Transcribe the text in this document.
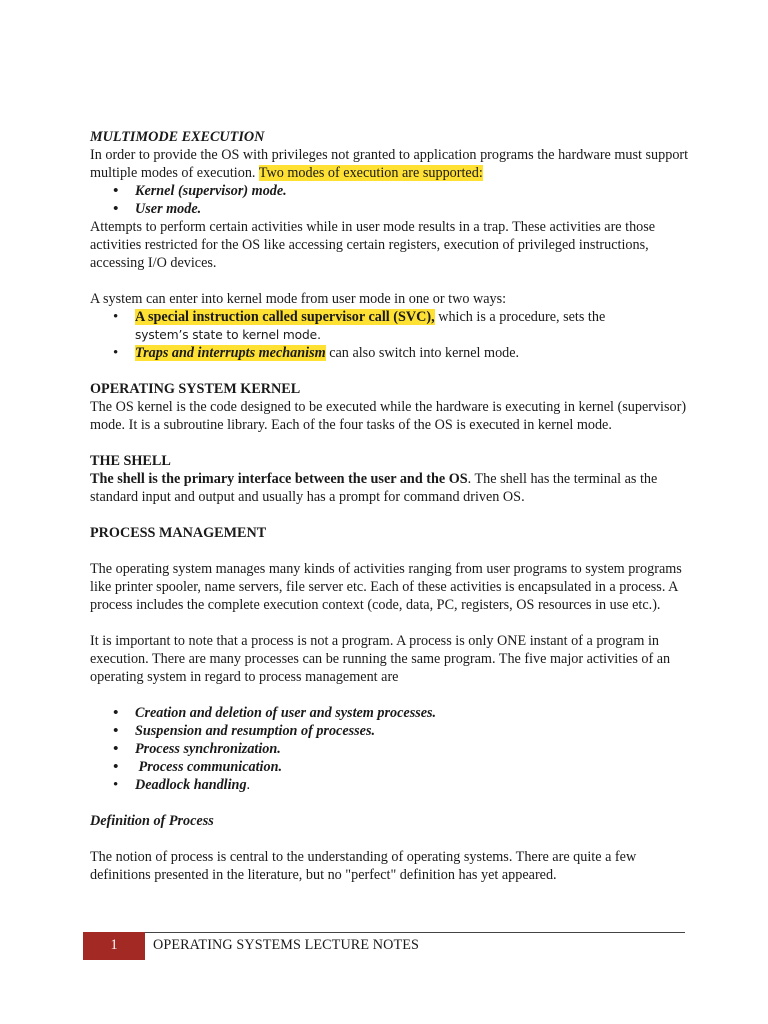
MULTIMODE EXECUTION

In order to provide the OS with privileges not granted to application programs the hardware must support multiple modes of execution. Two modes of execution are supported:

• Kernel (supervisor) mode.
• User mode.

Attempts to perform certain activities while in user mode results in a trap. These activities are those activities restricted for the OS like accessing certain registers, execution of privileged instructions, accessing I/O devices.

A system can enter into kernel mode from user mode in one or two ways:

• A special instruction called supervisor call (SVC), which is a procedure, sets the
system’s state to kernel mode.
• Traps and interrupts mechanism can also switch into kernel mode.
OPERATING SYSTEM KERNEL

The OS kernel is the code designed to be executed while the hardware is executing in kernel (supervisor) mode. It is a subroutine library. Each of the four tasks of the OS is executed in kernel mode.

THE SHELL

The shell is the primary interface between the user and the OS. The shell has the terminal as the standard input and output and usually has a prompt for command driven OS.

PROCESS MANAGEMENT

The operating system manages many kinds of activities ranging from user programs to system programs like printer spooler, name servers, file server etc. Each of these activities is encapsulated in a process. A process includes the complete execution context (code, data, PC, registers, OS resources in use etc.).

It is important to note that a process is not a program. A process is only ONE instant of a program in execution. There are many processes can be running the same program. The five major activities of an operating system in regard to process management are

• Creation and deletion of user and system processes.
• Suspension and resumption of processes.
• Process synchronization.
•  Process communication.
• Deadlock handling.
Definition of Process

The notion of process is central to the understanding of operating systems. There are quite a few definitions presented in the literature, but no "perfect" definition has yet appeared.

1	OPERATING SYSTEMS LECTURE NOTES
